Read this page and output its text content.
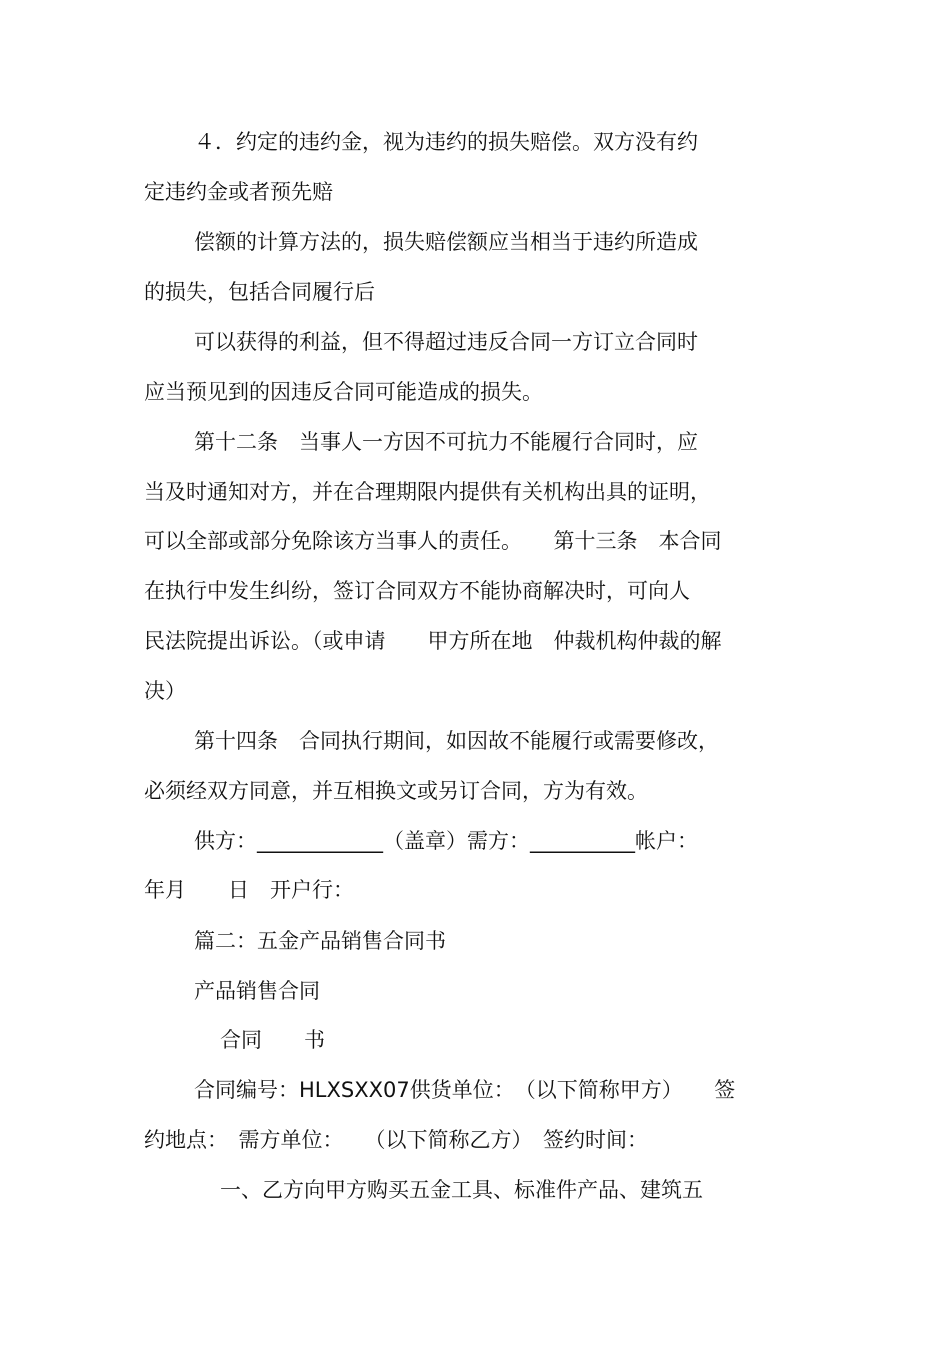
４．约定的违约金，视为违约的损失赔偿。双方没有约
定违约金或者预先赔
偿额的计算方法的，损失赔偿额应当相当于违约所造成
的损失，包括合同履行后
可以获得的利益，但不得超过违反合同一方订立合同时
应当预见到的因违反合同可能造成的损失。
第十二条　当事人一方因不可抗力不能履行合同时，应
当及时通知对方，并在合理期限内提供有关机构出具的证明，
可以全部或部分免除该方当事人的责任。　　第十三条　本合同
在执行中发生纠纷，签订合同双方不能协商解决时，可向人
民法院提出诉讼。（或申请　　甲方所在地　仲裁机构仲裁的解
决）
第十四条　合同执行期间，如因故不能履行或需要修改，
必须经双方同意，并互相换文或另订合同，方为有效。
供方：____________（盖章）需方：__________帐户：
年月　　日　开户行：
篇二：五金产品销售合同书
产品销售合同
合同　　书
合同编号：HLXSXX07供货单位：　（以下简称甲方）　　签
约地点：　需方单位：　　（以下简称乙方）　签约时间：
一、乙方向甲方购买五金工具、标准件产品、建筑五
